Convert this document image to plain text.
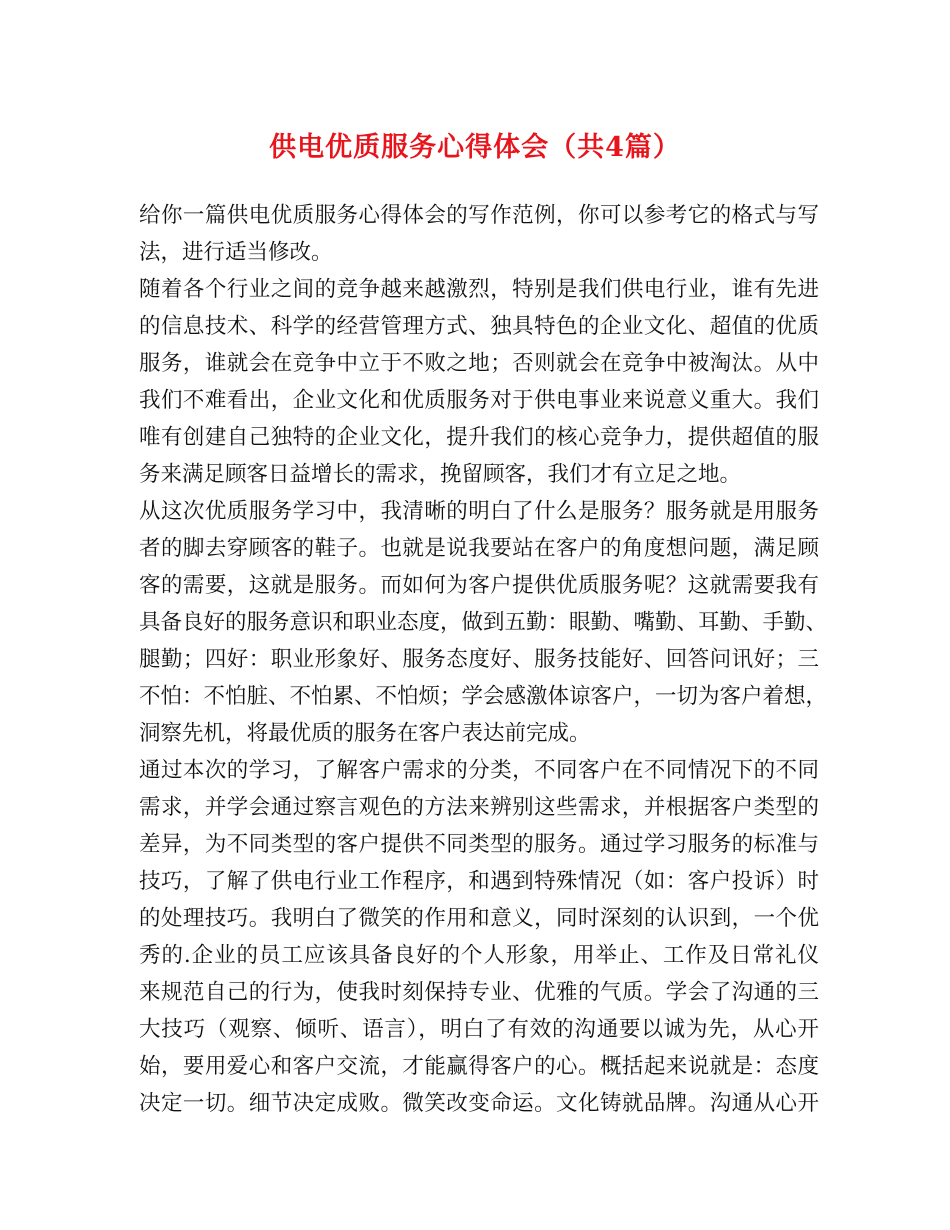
供电优质服务心得体会（共4篇）
给你一篇供电优质服务心得体会的写作范例，你可以参考它的格式与写
法，进行适当修改。
随着各个行业之间的竞争越来越激烈，特别是我们供电行业，谁有先进
的信息技术、科学的经营管理方式、独具特色的企业文化、超值的优质
服务，谁就会在竞争中立于不败之地；否则就会在竞争中被淘汰。从中
我们不难看出，企业文化和优质服务对于供电事业来说意义重大。我们
唯有创建自己独特的企业文化，提升我们的核心竞争力，提供超值的服
务来满足顾客日益增长的需求，挽留顾客，我们才有立足之地。
从这次优质服务学习中，我清晰的明白了什么是服务？服务就是用服务
者的脚去穿顾客的鞋子。也就是说我要站在客户的角度想问题，满足顾
客的需要，这就是服务。而如何为客户提供优质服务呢？这就需要我有
具备良好的服务意识和职业态度，做到五勤：眼勤、嘴勤、耳勤、手勤、
腿勤；四好：职业形象好、服务态度好、服务技能好、回答问讯好；三
不怕：不怕脏、不怕累、不怕烦；学会感激体谅客户，一切为客户着想，
洞察先机，将最优质的服务在客户表达前完成。
通过本次的学习，了解客户需求的分类，不同客户在不同情况下的不同
需求，并学会通过察言观色的方法来辨别这些需求，并根据客户类型的
差异，为不同类型的客户提供不同类型的服务。通过学习服务的标准与
技巧，了解了供电行业工作程序，和遇到特殊情况（如：客户投诉）时
的处理技巧。我明白了微笑的作用和意义，同时深刻的认识到，一个优
秀的.企业的员工应该具备良好的个人形象，用举止、工作及日常礼仪
来规范自己的行为，使我时刻保持专业、优雅的气质。学会了沟通的三
大技巧（观察、倾听、语言），明白了有效的沟通要以诚为先，从心开
始，要用爱心和客户交流，才能赢得客户的心。概括起来说就是：态度
决定一切。细节决定成败。微笑改变命运。文化铸就品牌。沟通从心开
